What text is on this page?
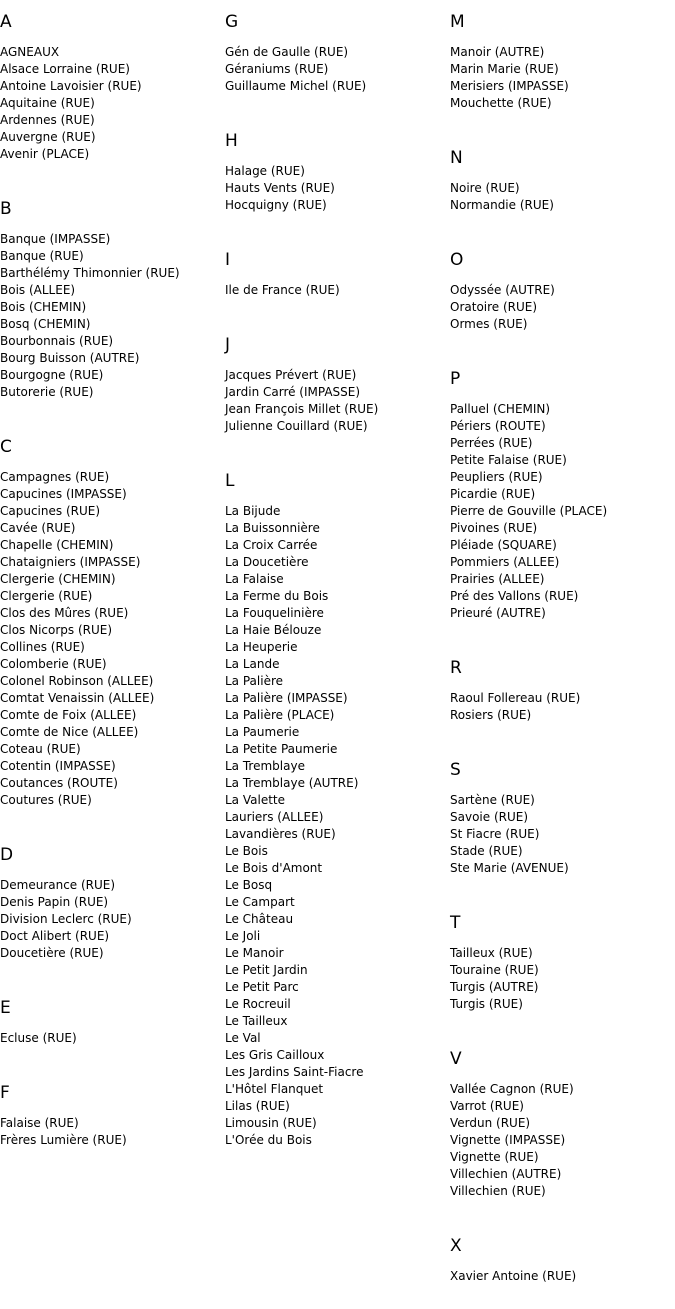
A
AGNEAUX
Alsace Lorraine (RUE)
Antoine Lavoisier (RUE)
Aquitaine (RUE)
Ardennes (RUE)
Auvergne (RUE)
Avenir (PLACE)
B
Banque (IMPASSE)
Banque (RUE)
Barthélémy Thimonnier (RUE)
Bois (ALLEE)
Bois (CHEMIN)
Bosq (CHEMIN)
Bourbonnais (RUE)
Bourg Buisson (AUTRE)
Bourgogne (RUE)
Butorerie (RUE)
C
Campagnes (RUE)
Capucines (IMPASSE)
Capucines (RUE)
Cavée (RUE)
Chapelle (CHEMIN)
Chataigniers (IMPASSE)
Clergerie (CHEMIN)
Clergerie (RUE)
Clos des Mûres (RUE)
Clos Nicorps (RUE)
Collines (RUE)
Colomberie (RUE)
Colonel Robinson (ALLEE)
Comtat Venaissin (ALLEE)
Comte de Foix (ALLEE)
Comte de Nice (ALLEE)
Coteau (RUE)
Cotentin (IMPASSE)
Coutances (ROUTE)
Coutures (RUE)
D
Demeurance (RUE)
Denis Papin (RUE)
Division Leclerc (RUE)
Doct Alibert (RUE)
Doucetière (RUE)
E
Ecluse (RUE)
F
Falaise (RUE)
Frères Lumière (RUE)
G
Gén de Gaulle (RUE)
Géraniums (RUE)
Guillaume Michel (RUE)
H
Halage (RUE)
Hauts Vents (RUE)
Hocquigny (RUE)
I
Ile de France (RUE)
J
Jacques Prévert (RUE)
Jardin Carré (IMPASSE)
Jean François Millet (RUE)
Julienne Couillard (RUE)
L
La Bijude
La Buissonnière
La Croix Carrée
La Doucetière
La Falaise
La Ferme du Bois
La Fouquelinière
La Haie Bélouze
La Heuperie
La Lande
La Palière
La Palière (IMPASSE)
La Palière (PLACE)
La Paumerie
La Petite Paumerie
La Tremblaye
La Tremblaye (AUTRE)
La Valette
Lauriers (ALLEE)
Lavandières (RUE)
Le Bois
Le Bois d'Amont
Le Bosq
Le Campart
Le Château
Le Joli
Le Manoir
Le Petit Jardin
Le Petit Parc
Le Rocreuil
Le Tailleux
Le Val
Les Gris Cailloux
Les Jardins Saint-Fiacre
L'Hôtel Flanquet
Lilas (RUE)
Limousin (RUE)
L'Orée du Bois
M
Manoir (AUTRE)
Marin Marie (RUE)
Merisiers (IMPASSE)
Mouchette (RUE)
N
Noire (RUE)
Normandie (RUE)
O
Odyssée (AUTRE)
Oratoire (RUE)
Ormes (RUE)
P
Palluel (CHEMIN)
Périers (ROUTE)
Perrées (RUE)
Petite Falaise (RUE)
Peupliers (RUE)
Picardie (RUE)
Pierre de Gouville (PLACE)
Pivoines (RUE)
Pléiade (SQUARE)
Pommiers (ALLEE)
Prairies (ALLEE)
Pré des Vallons (RUE)
Prieuré (AUTRE)
R
Raoul Follereau (RUE)
Rosiers (RUE)
S
Sartène (RUE)
Savoie (RUE)
St Fiacre (RUE)
Stade (RUE)
Ste Marie (AVENUE)
T
Tailleux (RUE)
Touraine (RUE)
Turgis (AUTRE)
Turgis (RUE)
V
Vallée Cagnon (RUE)
Varrot (RUE)
Verdun (RUE)
Vignette (IMPASSE)
Vignette (RUE)
Villechien (AUTRE)
Villechien (RUE)
X
Xavier Antoine (RUE)
